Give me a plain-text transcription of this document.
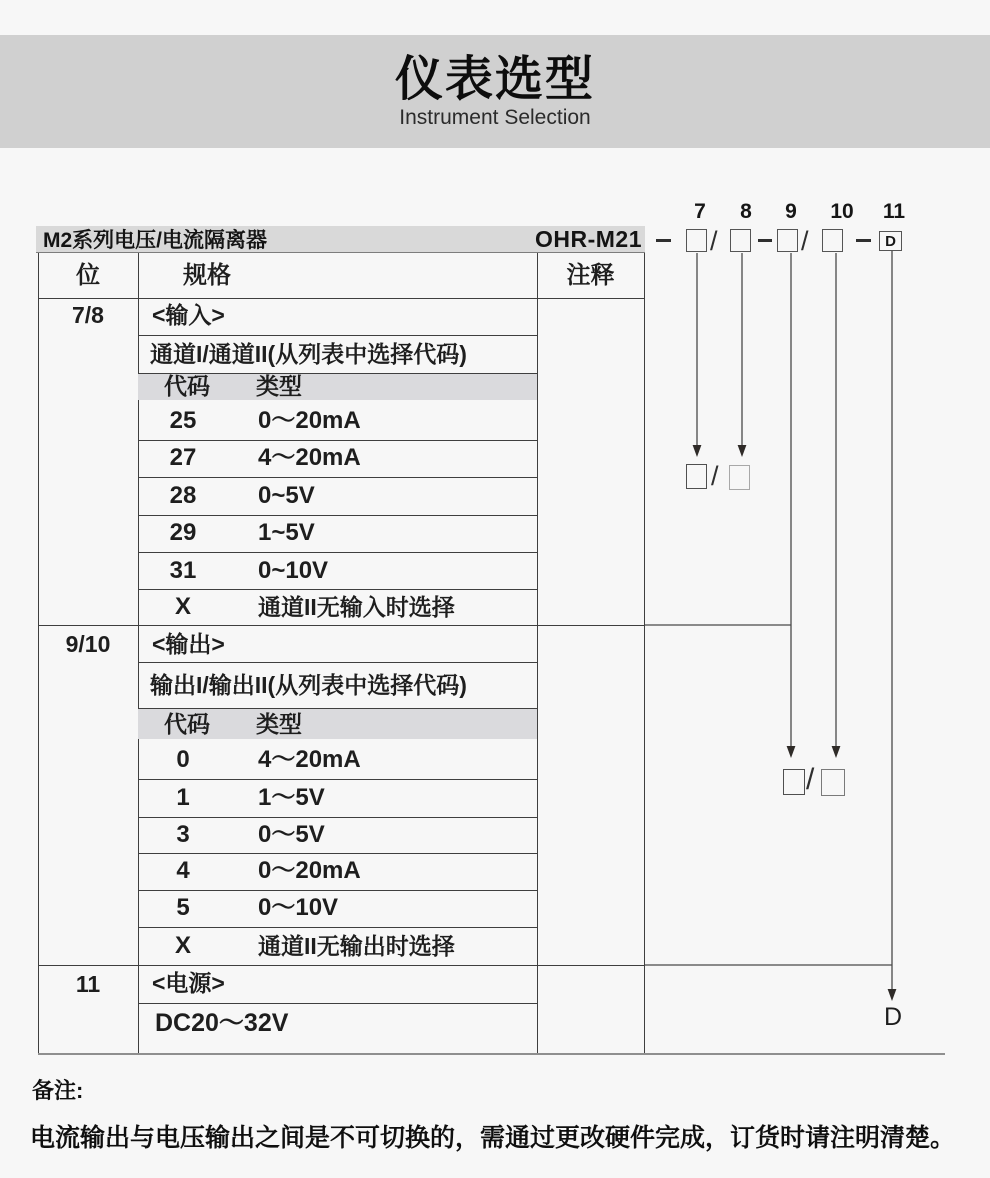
仪表选型
Instrument Selection
7	8	9	10 11
M2系列电压/电流隔离器	OHR-M21	/	/	D
/
/
D
位	规格	注释
7/8	<输入>
通道I/通道II(从列表中选择代码)
代码 类型
25	0～20mA
27	4～20mA
28	0~5V
29	1~5V
31	0~10V
X	通道II无输入时选择
9/10	<输出>
输出I/输出II(从列表中选择代码)
代码 类型
0	4～20mA
1	1～5V
3	0～5V
4	0～20mA
5	0～10V
X	通道II无输出时选择
11	<电源>
DC20～32V
备注:
电流输出与电压输出之间是不可切换的，需通过更改硬件完成，订货时请注明清楚。
